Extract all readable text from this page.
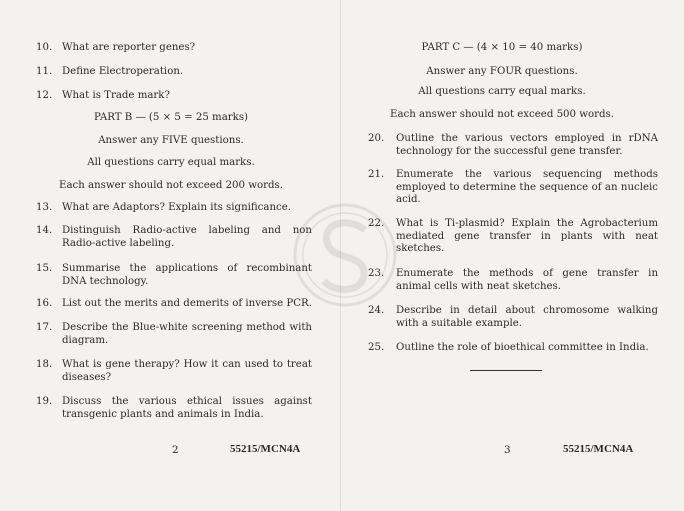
10. What are reporter genes?
11. Define Electroperation.
12. What is Trade mark?
PART B — (5 × 5 = 25 marks)
Answer any FIVE questions.
All questions carry equal marks.
Each answer should not exceed 200 words.
13. What are Adaptors? Explain its significance.
14. Distinguish Radio-active labeling and non Radio-active labeling.
15. Summarise the applications of recombinant DNA technology.
16. List out the merits and demerits of inverse PCR.
17. Describe the Blue-white screening method with diagram.
18. What is gene therapy? How it can used to treat diseases?
19. Discuss the various ethical issues against transgenic plants and animals in India.
2	55215/MCN4A
PART C — (4 × 10 = 40 marks)
Answer any FOUR questions.
All questions carry equal marks.
Each answer should not exceed 500 words.
20.	Outline the various vectors employed in rDNA technology for the successful gene transfer.
21.	Enumerate the various sequencing methods employed to determine the sequence of an nucleic acid.
22.	What is Ti-plasmid? Explain the Agrobacterium mediated gene transfer in plants with neat sketches.
23.	Enumerate the methods of gene transfer in animal cells with neat sketches.
24.	Describe in detail about chromosome walking with a suitable example.
25.	Outline the role of bioethical committee in India.
3	55215/MCN4A
